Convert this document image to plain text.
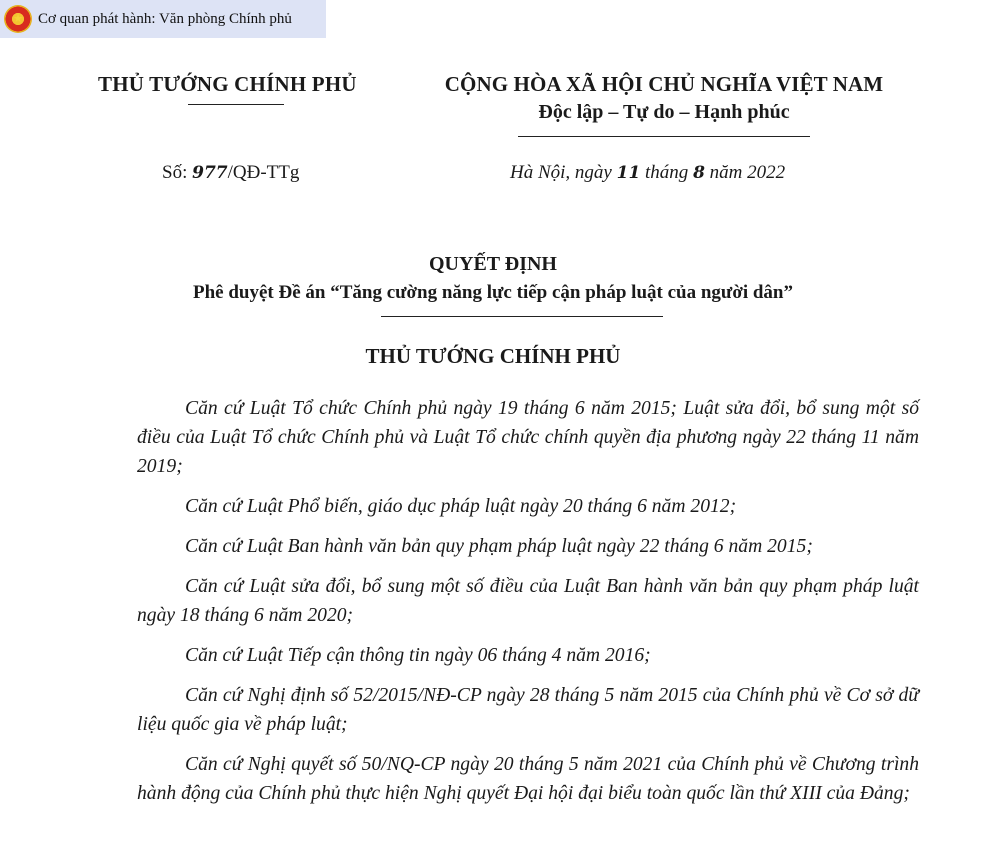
★	Cơ quan phát hành: Văn phòng Chính phủ
THỦ TƯỚNG CHÍNH PHỦ	CỘNG HÒA XÃ HỘI CHỦ NGHĨA VIỆT NAM
Độc lập – Tự do – Hạnh phúc
Số: 977/QĐ-TTg	Hà Nội, ngày 11 tháng 8 năm 2022
QUYẾT ĐỊNH
Phê duyệt Đề án “Tăng cường năng lực tiếp cận pháp luật của người dân”
THỦ TƯỚNG CHÍNH PHỦ

Căn cứ Luật Tổ chức Chính phủ ngày 19 tháng 6 năm 2015; Luật sửa đổi, bổ sung một số điều của Luật Tổ chức Chính phủ và Luật Tổ chức chính quyền địa phương ngày 22 tháng 11 năm 2019;

Căn cứ Luật Phổ biến, giáo dục pháp luật ngày 20 tháng 6 năm 2012;

Căn cứ Luật Ban hành văn bản quy phạm pháp luật ngày 22 tháng 6 năm 2015;

Căn cứ Luật sửa đổi, bổ sung một số điều của Luật Ban hành văn bản quy phạm pháp luật ngày 18 tháng 6 năm 2020;

Căn cứ Luật Tiếp cận thông tin ngày 06 tháng 4 năm 2016;

Căn cứ Nghị định số 52/2015/NĐ-CP ngày 28 tháng 5 năm 2015 của Chính phủ về Cơ sở dữ liệu quốc gia về pháp luật;

Căn cứ Nghị quyết số 50/NQ-CP ngày 20 tháng 5 năm 2021 của Chính phủ về Chương trình hành động của Chính phủ thực hiện Nghị quyết Đại hội đại biểu toàn quốc lần thứ XIII của Đảng;
